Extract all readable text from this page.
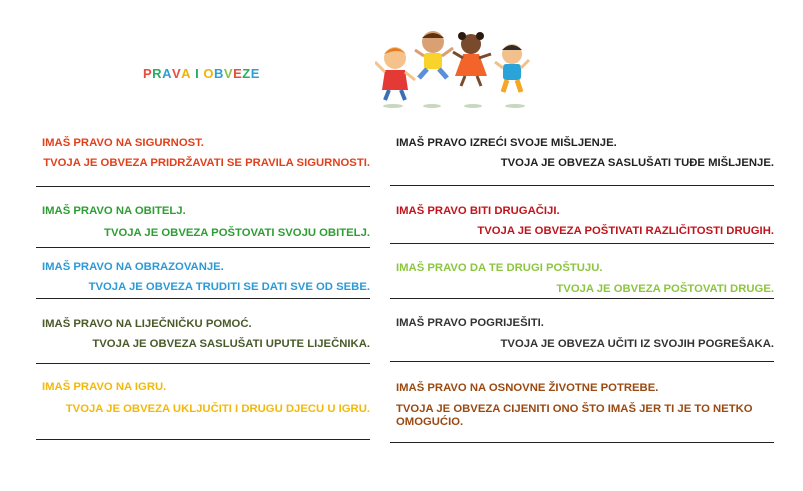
PRAVA I OBVEZE

IMAŠ PRAVO NA SIGURNOST.

TVOJA JE OBVEZA PRIDRŽAVATI SE PRAVILA SIGURNOSTI.

IMAŠ PRAVO NA OBITELJ.

TVOJA JE OBVEZA POŠTOVATI SVOJU OBITELJ.

IMAŠ PRAVO NA OBRAZOVANJE.

TVOJA JE OBVEZA TRUDITI SE DATI SVE OD SEBE.

IMAŠ PRAVO NA LIJEČNIČKU POMOĆ.

TVOJA JE OBVEZA SASLUŠATI UPUTE LIJEČNIKA.

IMAŠ PRAVO NA IGRU.

TVOJA JE OBVEZA UKLJUČITI I DRUGU DJECU U IGRU.

IMAŠ PRAVO IZREĆI SVOJE MIŠLJENJE.

TVOJA JE OBVEZA SASLUŠATI TUĐE MIŠLJENJE.

IMAŠ PRAVO BITI DRUGAČIJI.

TVOJA JE OBVEZA POŠTIVATI RAZLIČITOSTI DRUGIH.

IMAŠ PRAVO DA TE DRUGI POŠTUJU.

TVOJA JE OBVEZA POŠTOVATI DRUGE.

IMAŠ PRAVO POGRIJEŠITI.

TVOJA JE OBVEZA UČITI IZ SVOJIH POGREŠAKA.

IMAŠ PRAVO NA OSNOVNE ŽIVOTNE POTREBE.

TVOJA JE OBVEZA CIJENITI ONO ŠTO IMAŠ JER TI JE TO NETKO OMOGUĆIO.
